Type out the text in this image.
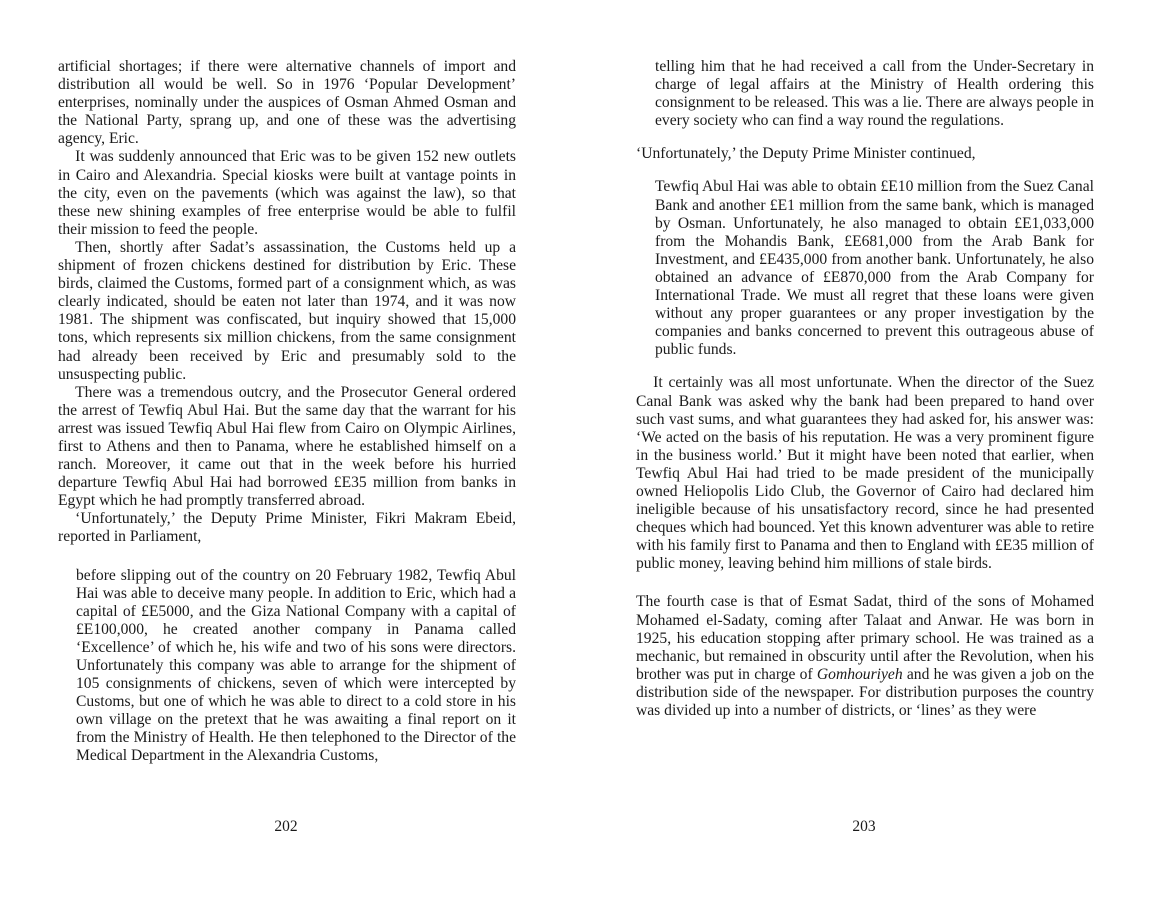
artificial shortages; if there were alternative channels of import and distribution all would be well. So in 1976 ‘Popular Development’ enterprises, nominally under the auspices of Osman Ahmed Osman and the National Party, sprang up, and one of these was the advertising agency, Eric.

It was suddenly announced that Eric was to be given 152 new outlets in Cairo and Alexandria. Special kiosks were built at vantage points in the city, even on the pavements (which was against the law), so that these new shining examples of free enterprise would be able to fulfil their mission to feed the people.

Then, shortly after Sadat’s assassination, the Customs held up a shipment of frozen chickens destined for distribution by Eric. These birds, claimed the Customs, formed part of a consignment which, as was clearly indicated, should be eaten not later than 1974, and it was now 1981. The shipment was confiscated, but inquiry showed that 15,000 tons, which represents six million chickens, from the same consignment had already been received by Eric and presumably sold to the unsuspecting public.

There was a tremendous outcry, and the Prosecutor General ordered the arrest of Tewfiq Abul Hai. But the same day that the warrant for his arrest was issued Tewfiq Abul Hai flew from Cairo on Olympic Airlines, first to Athens and then to Panama, where he established himself on a ranch. Moreover, it came out that in the week before his hurried departure Tewfiq Abul Hai had borrowed £E35 million from banks in Egypt which he had promptly transferred abroad.

‘Unfortunately,’ the Deputy Prime Minister, Fikri Makram Ebeid, reported in Parliament,

before slipping out of the country on 20 February 1982, Tewfiq Abul Hai was able to deceive many people. In addition to Eric, which had a capital of £E5000, and the Giza National Company with a capital of £E100,000, he created another company in Panama called ‘Excellence’ of which he, his wife and two of his sons were directors. Unfortunately this company was able to arrange for the shipment of 105 consignments of chickens, seven of which were intercepted by Customs, but one of which he was able to direct to a cold store in his own village on the pretext that he was awaiting a final report on it from the Ministry of Health. He then telephoned to the Director of the Medical Department in the Alexandria Customs,

202

telling him that he had received a call from the Under-Secretary in charge of legal affairs at the Ministry of Health ordering this consignment to be released. This was a lie. There are always people in every society who can find a way round the regulations.

‘Unfortunately,’ the Deputy Prime Minister continued,

Tewfiq Abul Hai was able to obtain £E10 million from the Suez Canal Bank and another £E1 million from the same bank, which is managed by Osman. Unfortunately, he also managed to obtain £E1,033,000 from the Mohandis Bank, £E681,000 from the Arab Bank for Investment, and £E435,000 from another bank. Unfortunately, he also obtained an advance of £E870,000 from the Arab Company for International Trade. We must all regret that these loans were given without any proper guarantees or any proper investigation by the companies and banks concerned to prevent this outrageous abuse of public funds.

It certainly was all most unfortunate. When the director of the Suez Canal Bank was asked why the bank had been prepared to hand over such vast sums, and what guarantees they had asked for, his answer was: ‘We acted on the basis of his reputation. He was a very prominent figure in the business world.’ But it might have been noted that earlier, when Tewfiq Abul Hai had tried to be made president of the municipally owned Heliopolis Lido Club, the Governor of Cairo had declared him ineligible because of his unsatisfactory record, since he had presented cheques which had bounced. Yet this known adventurer was able to retire with his family first to Panama and then to England with £E35 million of public money, leaving behind him millions of stale birds.

The fourth case is that of Esmat Sadat, third of the sons of Mohamed Mohamed el-Sadaty, coming after Talaat and Anwar. He was born in 1925, his education stopping after primary school. He was trained as a mechanic, but remained in obscurity until after the Revolution, when his brother was put in charge of Gomhouriyeh and he was given a job on the distribution side of the newspaper. For distribution purposes the country was divided up into a number of districts, or ‘lines’ as they were

203
